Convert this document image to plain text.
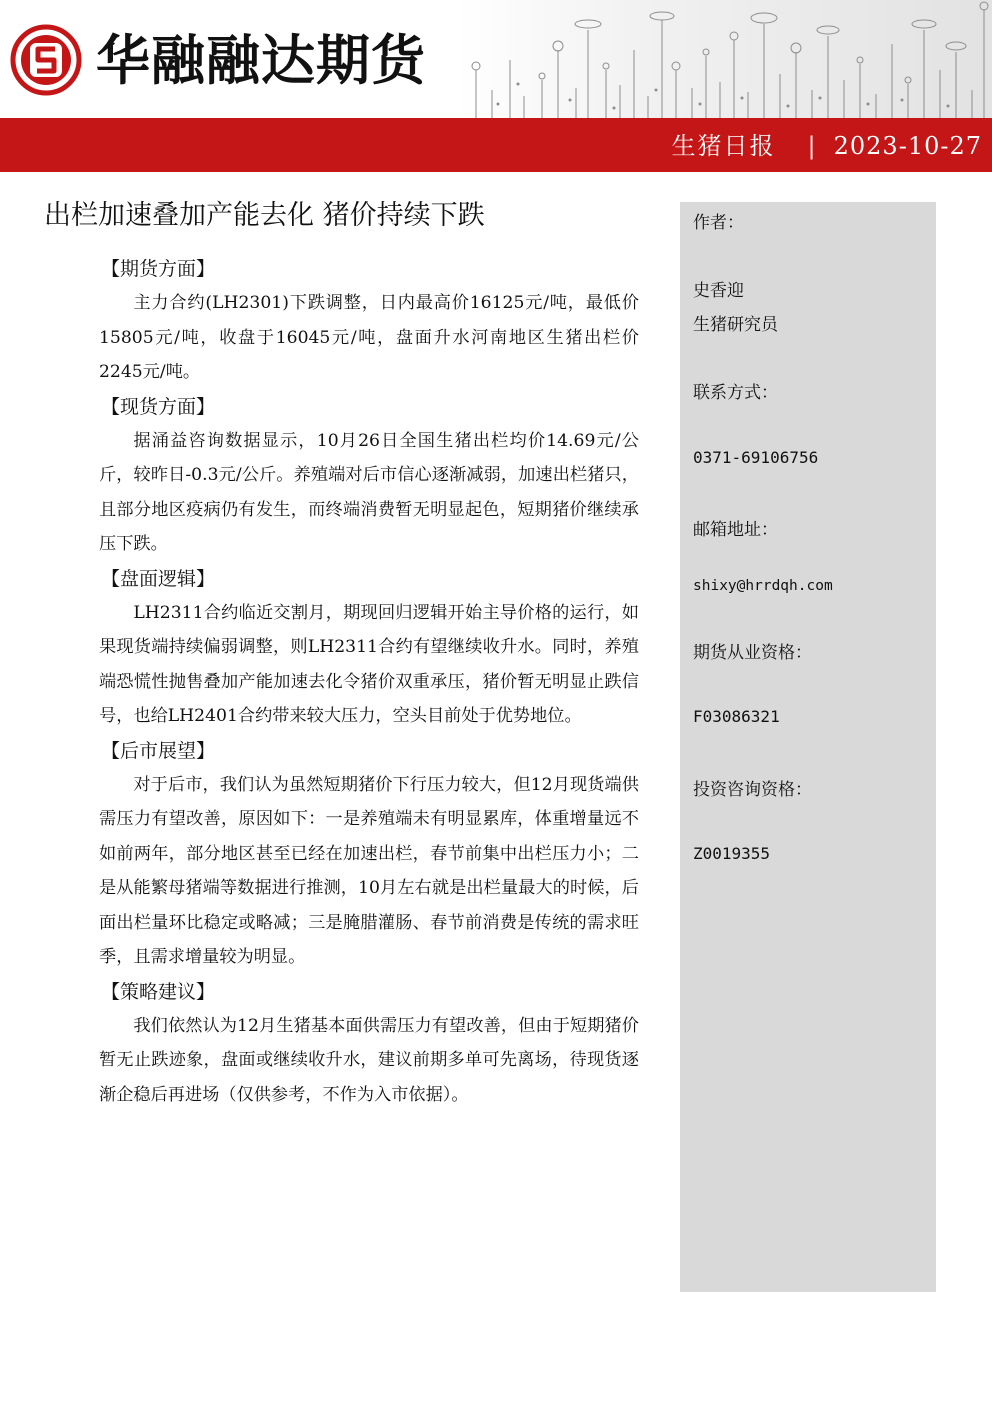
华融融达期货
生猪日报 | 2023-10-27
出栏加速叠加产能去化 猪价持续下跌
【期货方面】

主力合约(LH2301)下跌调整，日内最高价16125元/吨，最低价15805元/吨，收盘于16045元/吨，盘面升水河南地区生猪出栏价2245元/吨。

【现货方面】

据涌益咨询数据显示，10月26日全国生猪出栏均价14.69元/公斤，较昨日-0.3元/公斤。养殖端对后市信心逐渐减弱，加速出栏猪只，且部分地区疫病仍有发生，而终端消费暂无明显起色，短期猪价继续承压下跌。

【盘面逻辑】

LH2311合约临近交割月，期现回归逻辑开始主导价格的运行，如果现货端持续偏弱调整，则LH2311合约有望继续收升水。同时，养殖端恐慌性抛售叠加产能加速去化令猪价双重承压，猪价暂无明显止跌信号，也给LH2401合约带来较大压力，空头目前处于优势地位。

【后市展望】

对于后市，我们认为虽然短期猪价下行压力较大，但12月现货端供需压力有望改善，原因如下：一是养殖端未有明显累库，体重增量远不如前两年，部分地区甚至已经在加速出栏，春节前集中出栏压力小；二是从能繁母猪端等数据进行推测，10月左右就是出栏量最大的时候，后面出栏量环比稳定或略减；三是腌腊灌肠、春节前消费是传统的需求旺季，且需求增量较为明显。

【策略建议】

我们依然认为12月生猪基本面供需压力有望改善，但由于短期猪价暂无止跌迹象，盘面或继续收升水，建议前期多单可先离场，待现货逐渐企稳后再进场（仅供参考，不作为入市依据）。

作者：
史香迎
生猪研究员
联系方式：
0371-69106756
邮箱地址：
shixy@hrrdqh.com
期货从业资格：
F03086321
投资咨询资格：
Z0019355
